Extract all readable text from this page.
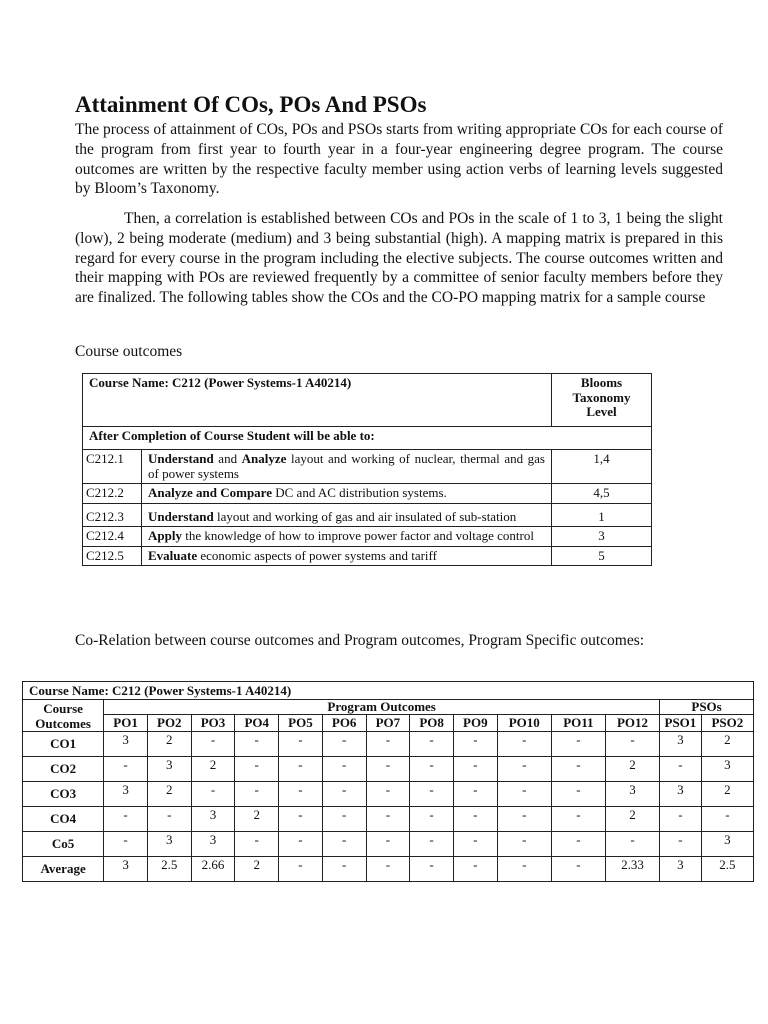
Attainment Of COs, POs And PSOs

The process of attainment of COs, POs and PSOs starts from writing appropriate COs for each course of the program from first year to fourth year in a four-year engineering degree program. The course outcomes are written by the respective faculty member using action verbs of learning levels suggested by Bloom’s Taxonomy.

Then, a correlation is established between COs and POs in the scale of 1 to 3, 1 being the slight (low), 2 being moderate (medium) and 3 being substantial (high). A mapping matrix is prepared in this regard for every course in the program including the elective subjects. The course outcomes written and their mapping with POs are reviewed frequently by a committee of senior faculty members before they are finalized. The following tables show the COs and the CO-PO mapping matrix for a sample course

Course outcomes

Course Name: C212 (Power Systems-1 A40214)		Blooms Taxonomy Level
After Completion of Course Student will be able to:		
C212.1	Understand and Analyze layout and working of nuclear, thermal and gas of power systems	1,4
C212.2	Analyze and Compare DC and AC distribution systems.	4,5
C212.3	Understand layout and working of gas and air insulated of sub-station	1
C212.4	Apply the knowledge of how to improve power factor and voltage control	3
C212.5	Evaluate economic aspects of power systems and tariff	5

Co-Relation between course outcomes and Program outcomes, Program Specific outcomes:

Course Name: C212 (Power Systems-1 A40214)														
Course Outcomes	Program Outcomes												PSOs	
	PO1	PO2	PO3	PO4	PO5	PO6	PO7	PO8	PO9	PO10	PO11	PO12	PSO1	PSO2
CO1	3	2	-	-	-	-	-	-	-	-	-	-	3	2
CO2	-	3	2	-	-	-	-	-	-	-	-	2	-	3
CO3	3	2	-	-	-	-	-	-	-	-	-	3	3	2
CO4	-	-	3	2	-	-	-	-	-	-	-	2	-	-
Co5	-	3	3	-	-	-	-	-	-	-	-	-	-	3
Average	3	2.5	2.66	2	-	-	-	-	-	-	-	2.33	3	2.5
